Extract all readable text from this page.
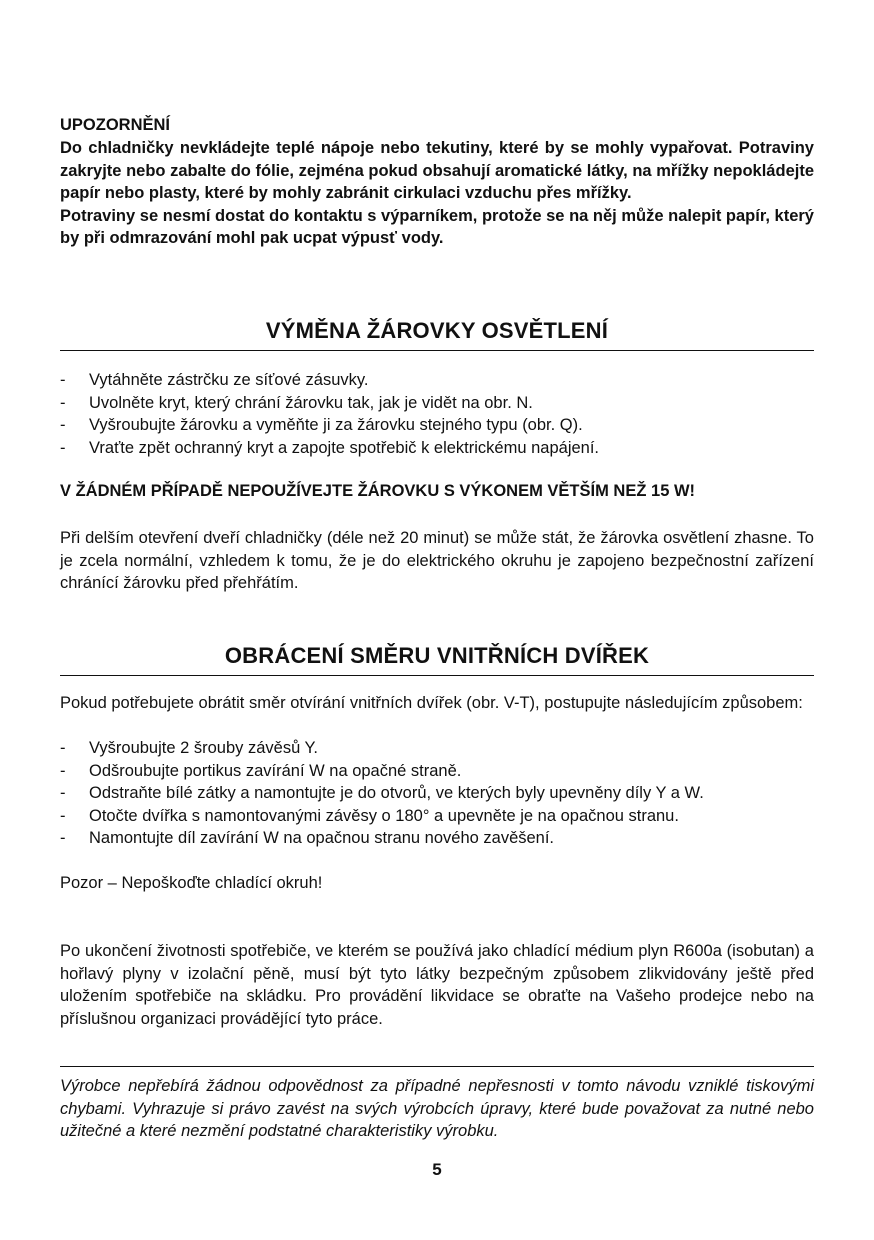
UPOZORNĚNÍ

Do chladničky nevkládejte teplé nápoje nebo tekutiny, které by se mohly vypařovat. Potraviny zakryjte nebo zabalte do fólie, zejména pokud obsahují aromatické látky, na mřížky nepokládejte papír nebo plasty, které by mohly zabránit cirkulaci vzduchu přes mřížky.

Potraviny se nesmí dostat do kontaktu s výparníkem, protože se na něj může nalepit papír, který by při odmrazování mohl pak ucpat výpusť vody.

VÝMĚNA ŽÁROVKY OSVĚTLENÍ
- Vytáhněte zástrčku ze síťové zásuvky.
- Uvolněte kryt, který chrání žárovku tak, jak je vidět na obr. N.
- Vyšroubujte žárovku a vyměňte ji za žárovku stejného typu (obr. Q).
- Vraťte zpět ochranný kryt a zapojte spotřebič k elektrickému napájení.
V ŽÁDNÉM PŘÍPADĚ NEPOUŽÍVEJTE ŽÁROVKU S VÝKONEM VĚTŠÍM NEŽ 15 W!

Při delším otevření dveří chladničky (déle než 20 minut) se může stát, že žárovka osvětlení zhasne. To je zcela normální, vzhledem k tomu, že je do elektrického okruhu je zapojeno bezpečnostní zařízení chránící žárovku před přehřátím.

OBRÁCENÍ SMĚRU VNITŘNÍCH DVÍŘEK

Pokud potřebujete obrátit směr otvírání vnitřních dvířek (obr. V-T), postupujte následujícím způsobem:

- Vyšroubujte 2 šrouby závěsů Y.
- Odšroubujte portikus zavírání W na opačné straně.
- Odstraňte bílé zátky a namontujte je do otvorů, ve kterých byly upevněny díly Y a W.
- Otočte dvířka s namontovanými závěsy o 180° a upevněte je na opačnou stranu.
- Namontujte díl zavírání W na opačnou stranu nového zavěšení.

Pozor – Nepoškoďte chladící okruh!

Po ukončení životnosti spotřebiče, ve kterém se používá jako chladící médium plyn R600a (isobutan) a hořlavý plyny v izolační pěně, musí být tyto látky bezpečným způsobem zlikvidovány ještě před uložením spotřebiče na skládku. Pro provádění likvidace se obraťte na Vašeho prodejce nebo na příslušnou organizaci provádějící tyto práce.

Výrobce nepřebírá žádnou odpovědnost za případné nepřesnosti v tomto návodu vzniklé tiskovými chybami. Vyhrazuje si právo zavést na svých výrobcích úpravy, které bude považovat za nutné nebo užitečné a které nezmění podstatné charakteristiky výrobku.

5
